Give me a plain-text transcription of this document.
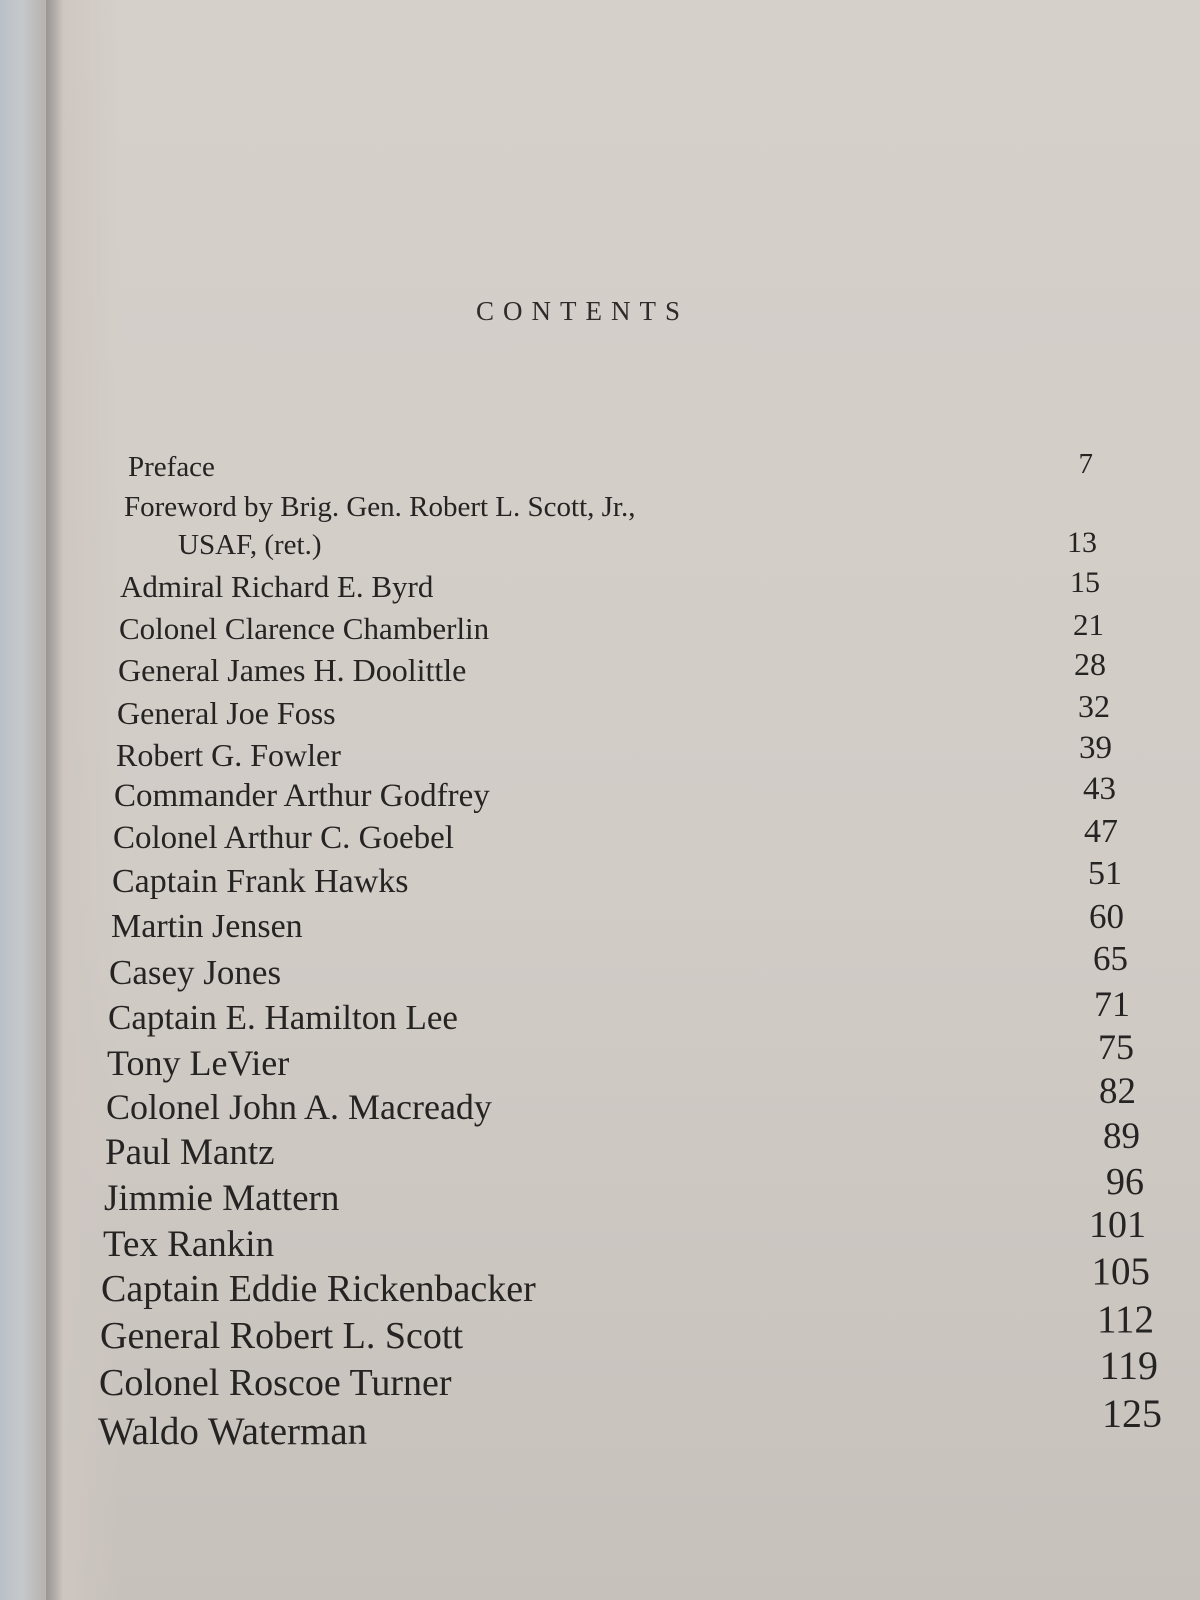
CONTENTS
Preface	7
Foreword by Brig. Gen. Robert L. Scott, Jr.,
USAF, (ret.)	13
Admiral Richard E. Byrd	15
Colonel Clarence Chamberlin	21
General James H. Doolittle	28
General Joe Foss	32
Robert G. Fowler	39
Commander Arthur Godfrey	43
Colonel Arthur C. Goebel	47
Captain Frank Hawks	51
Martin Jensen	60
Casey Jones	65
Captain E. Hamilton Lee	71
Tony LeVier	75
Colonel John A. Macready	82
Paul Mantz	89
Jimmie Mattern	96
Tex Rankin	101
Captain Eddie Rickenbacker	105
General Robert L. Scott	112
Colonel Roscoe Turner	119
Waldo Waterman	125
